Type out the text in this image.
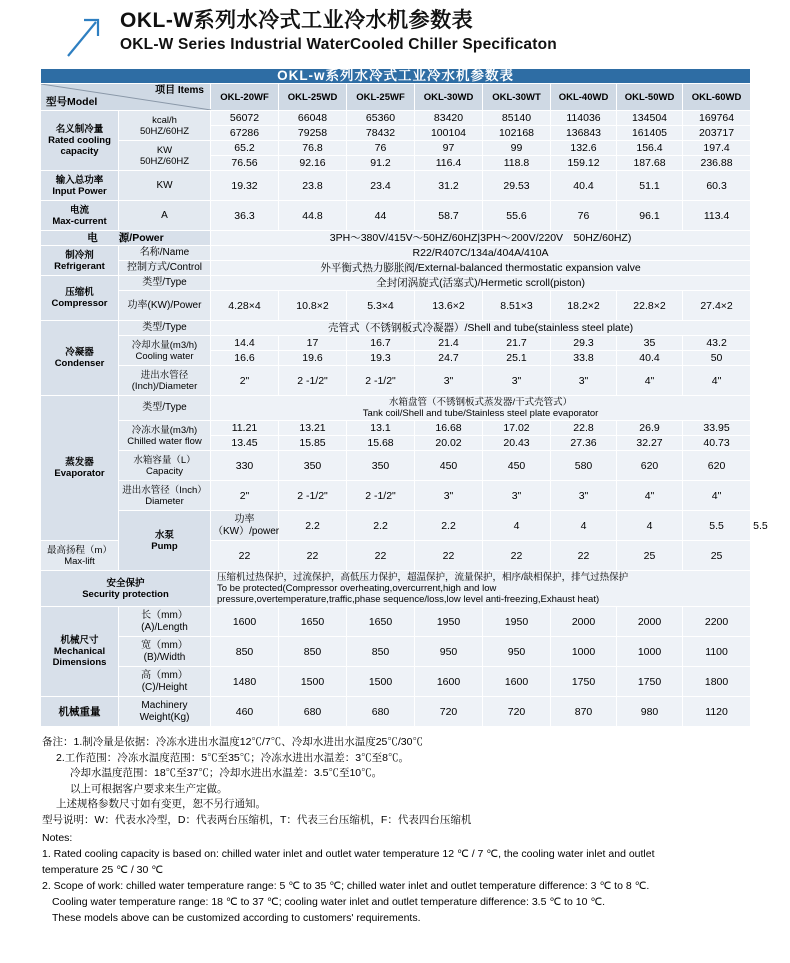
OKL-W系列水冷式工业冷水机参数表
OKL-W Series Industrial WaterCooled Chiller Specificaton
OKL-w系列水冷式工业冷水机参数表										

型号Model
项目 Items		OKL-20WF	OKL-25WD	OKL-25WF	OKL-30WD	OKL-30WT	OKL-40WD	OKL-50WD	OKL-60WD	

名义制冷量
Rated cooling capacity	kcal/h
50HZ/60HZ	56072	66048	65360	83420	85140	114036	134504	169764	
		67286	79258	78432	100104	102168	136843	161405	203717	

	KW
50HZ/60HZ	65.2	76.8	76	97	99	132.6	156.4	197.4	
		76.56	92.16	91.2	116.4	118.8	159.12	187.68	236.88	

输入总功率
Input Power	KW	19.32	23.8	23.4	31.2	29.53	40.4	51.1	60.3	

电流
Max-current	A	36.3	44.8	44	58.7	55.6	76	96.1	113.4	
电　　源/Power		3PH～380V/415V～50HZ/60HZ|3PH～200V/220V　50HZ/60HZ)								

制冷剂
Refrigerant	名称/Name	R22/R407C/134a/404A/410A								
	控制方式/Control	外平衡式热力膨胀阀/External-balanced thermostatic expansion valve								

压缩机
Compressor	类型/Type	全封闭涡旋式(活塞式)/Hermetic scroll(piston)								
	功率(KW)/Power	4.28×4	10.8×2	5.3×4	13.6×2	8.51×3	18.2×2	22.8×2	27.4×2	

冷凝器
Condenser	类型/Type	壳管式（不锈钢板式冷凝器）/Shell and tube(stainless steel plate)								

	冷却水量(m3/h)
Cooling water	14.4	17	16.7	21.4	21.7	29.3	35	43.2	
		16.6	19.6	19.3	24.7	25.1	33.8	40.4	50	

	进出水管径
(Inch)/Diameter	2"	2 -1/2"	2 -1/2"	3"	3"	3"	4"	4"	

蒸发器
Evaporator	类型/Type	水箱盘管（不锈钢板式蒸发器/干式壳管式）
Tank coil/Shell and tube/Stainless steel plate evaporator								

	冷冻水量(m3/h)
Chilled water flow	11.21	13.21	13.1	16.68	17.02	22.8	26.9	33.95	
		13.45	15.85	15.68	20.02	20.43	27.36	32.27	40.73	

	水箱容量（L）
Capacity	330	350	350	450	450	580	620	620	

	进出水管径（Inch）
Diameter	2"	2 -1/2"	2 -1/2"	3"	3"	3"	4"	4"	

	水泵
Pump	功率（KW）/power	2.2	2.2	2.2	4	4	4	5.5	5.5

最高扬程（m）
Max-lift		22	22	22	22	22	22	25	25	

安全保护
Security protection		压缩机过热保护，过流保护，高低压力保护，超温保护，流量保护，相序/缺相保护，排气过热保护
To be protected(Compressor overheating,overcurrent,high and low
pressure,overtemperature,traffic,phase sequence/loss,low level anti-freezing,Exhaust heat)								

机械尺寸
Mechanical
Dimensions	长（mm）(A)/Length	1600	1650	1650	1950	1950	2000	2000	2200	
	宽（mm）(B)/Width	850	850	850	950	950	1000	1000	1100	
	高（mm）(C)/Height	1480	1500	1500	1600	1600	1750	1750	1800	
机械重量	Machinery Weight(Kg)	460	680	680	720	720	870	980	1120	
备注：1.制冷量是依据：冷冻水进出水温度12℃/7℃、冷却水进出水温度25℃/30℃
2.工作范围：冷冻水温度范围：5℃至35℃；冷冻水进出水温差：3℃至8℃。
冷却水温度范围：18℃至37℃；冷却水进出水温差：3.5℃至10℃。
以上可根据客户要求来生产定做。
上述规格参数尺寸如有变更，恕不另行通知。
型号说明：W：代表水冷型，D：代表两台压缩机，T：代表三台压缩机，F：代表四台压缩机
Notes:
1. Rated cooling capacity is based on: chilled water inlet and outlet water temperature 12 ℃ / 7 ℃, the cooling water inlet and outlet
temperature 25 ℃ / 30 ℃
2. Scope of work: chilled water temperature range: 5 ℃ to 35 ℃; chilled water inlet and outlet temperature difference: 3 ℃ to 8 ℃.
Cooling water temperature range: 18 ℃ to 37 ℃; cooling water inlet and outlet temperature difference: 3.5 ℃ to 10 ℃.
These models above can be customized according to customers' requirements.
